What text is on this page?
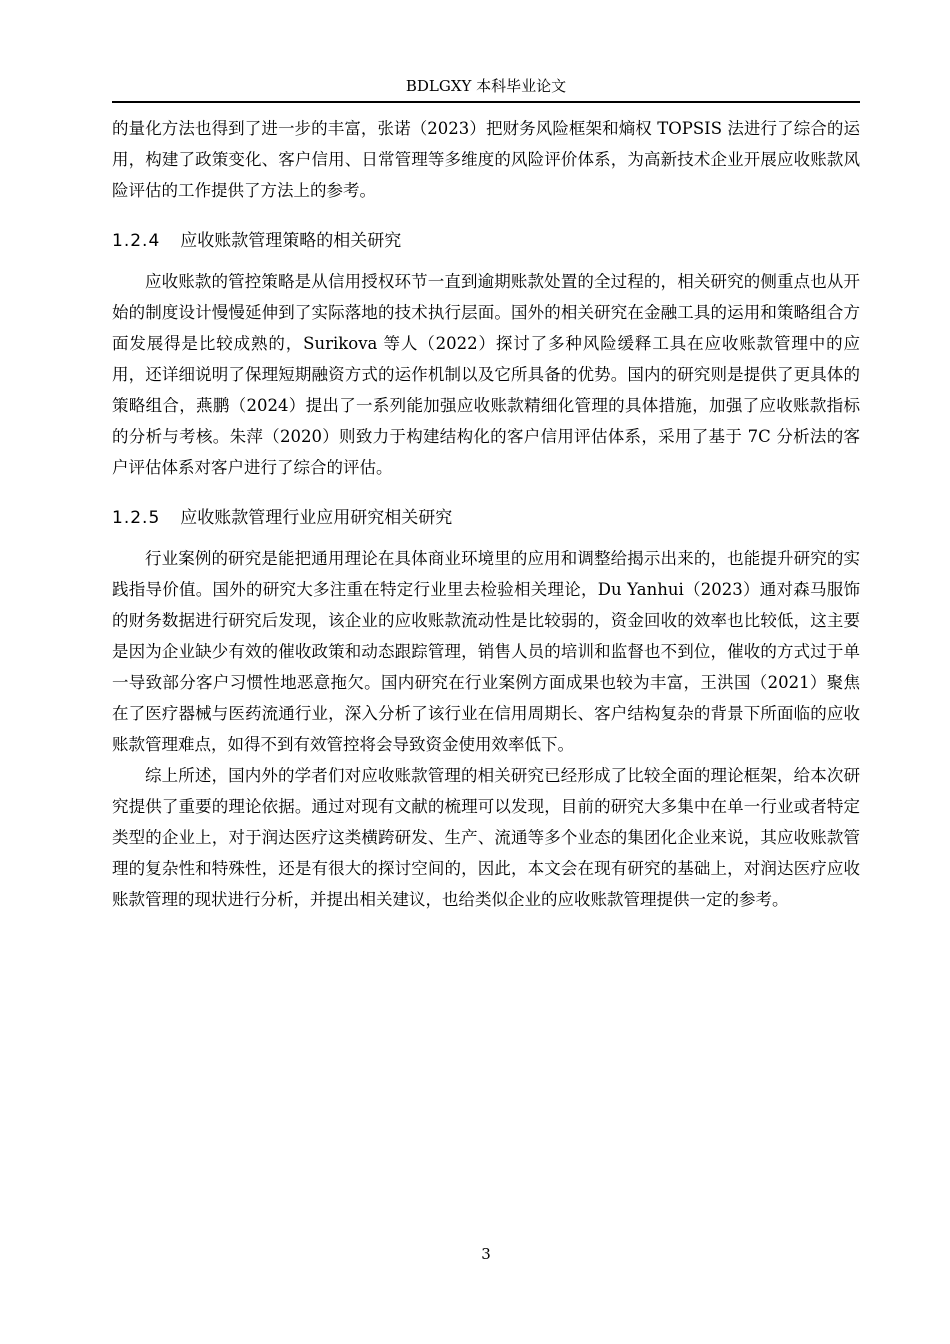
BDLGXY 本科毕业论文

的量化方法也得到了进一步的丰富，张诺（2023）把财务风险框架和熵权 TOPSIS 法进行了综合的运用，构建了政策变化、客户信用、日常管理等多维度的风险评价体系，为高新技术企业开展应收账款风险评估的工作提供了方法上的参考。

1.2.4 应收账款管理策略的相关研究

应收账款的管控策略是从信用授权环节一直到逾期账款处置的全过程的，相关研究的侧重点也从开始的制度设计慢慢延伸到了实际落地的技术执行层面。国外的相关研究在金融工具的运用和策略组合方面发展得是比较成熟的，Surikova 等人（2022）探讨了多种风险缓释工具在应收账款管理中的应用，还详细说明了保理短期融资方式的运作机制以及它所具备的优势。国内的研究则是提供了更具体的策略组合，燕鹏（2024）提出了一系列能加强应收账款精细化管理的具体措施，加强了应收账款指标的分析与考核。朱萍（2020）则致力于构建结构化的客户信用评估体系，采用了基于 7C 分析法的客户评估体系对客户进行了综合的评估。

1.2.5 应收账款管理行业应用研究相关研究

行业案例的研究是能把通用理论在具体商业环境里的应用和调整给揭示出来的，也能提升研究的实践指导价值。国外的研究大多注重在特定行业里去检验相关理论，Du Yanhui（2023）通对森马服饰的财务数据进行研究后发现，该企业的应收账款流动性是比较弱的，资金回收的效率也比较低，这主要是因为企业缺少有效的催收政策和动态跟踪管理，销售人员的培训和监督也不到位，催收的方式过于单一导致部分客户习惯性地恶意拖欠。国内研究在行业案例方面成果也较为丰富，王洪国（2021）聚焦在了医疗器械与医药流通行业，深入分析了该行业在信用周期长、客户结构复杂的背景下所面临的应收账款管理难点，如得不到有效管控将会导致资金使用效率低下。

综上所述，国内外的学者们对应收账款管理的相关研究已经形成了比较全面的理论框架，给本次研究提供了重要的理论依据。通过对现有文献的梳理可以发现，目前的研究大多集中在单一行业或者特定类型的企业上，对于润达医疗这类横跨研发、生产、流通等多个业态的集团化企业来说，其应收账款管理的复杂性和特殊性，还是有很大的探讨空间的，因此，本文会在现有研究的基础上，对润达医疗应收账款管理的现状进行分析，并提出相关建议，也给类似企业的应收账款管理提供一定的参考。

3
